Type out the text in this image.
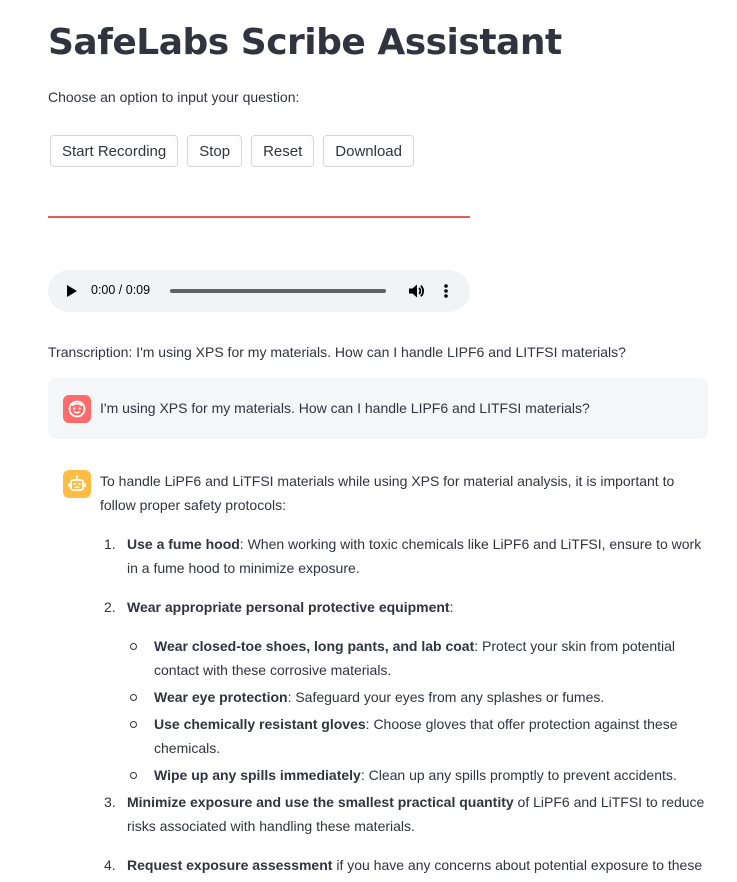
SafeLabs Scribe Assistant
Choose an option to input your question:
Start Recording	Stop	Reset	Download
0:00 / 0:09
Transcription: I'm using XPS for my materials. How can I handle LIPF6 and LITFSI materials?
I'm using XPS for my materials. How can I handle LIPF6 and LITFSI materials?

To handle LiPF6 and LiTFSI materials while using XPS for material analysis, it is important to follow proper safety protocols:

1. Use a fume hood: When working with toxic chemicals like LiPF6 and LiTFSI, ensure to work in a fume hood to minimize exposure.
2. Wear appropriate personal protective equipment:
Wear closed-toe shoes, long pants, and lab coat: Protect your skin from potential contact with these corrosive materials.
Wear eye protection: Safeguard your eyes from any splashes or fumes.
Use chemically resistant gloves: Choose gloves that offer protection against these chemicals.
Wipe up any spills immediately: Clean up any spills promptly to prevent accidents.
3. Minimize exposure and use the smallest practical quantity of LiPF6 and LiTFSI to reduce risks associated with handling these materials.
4. Request exposure assessment if you have any concerns about potential exposure to these
